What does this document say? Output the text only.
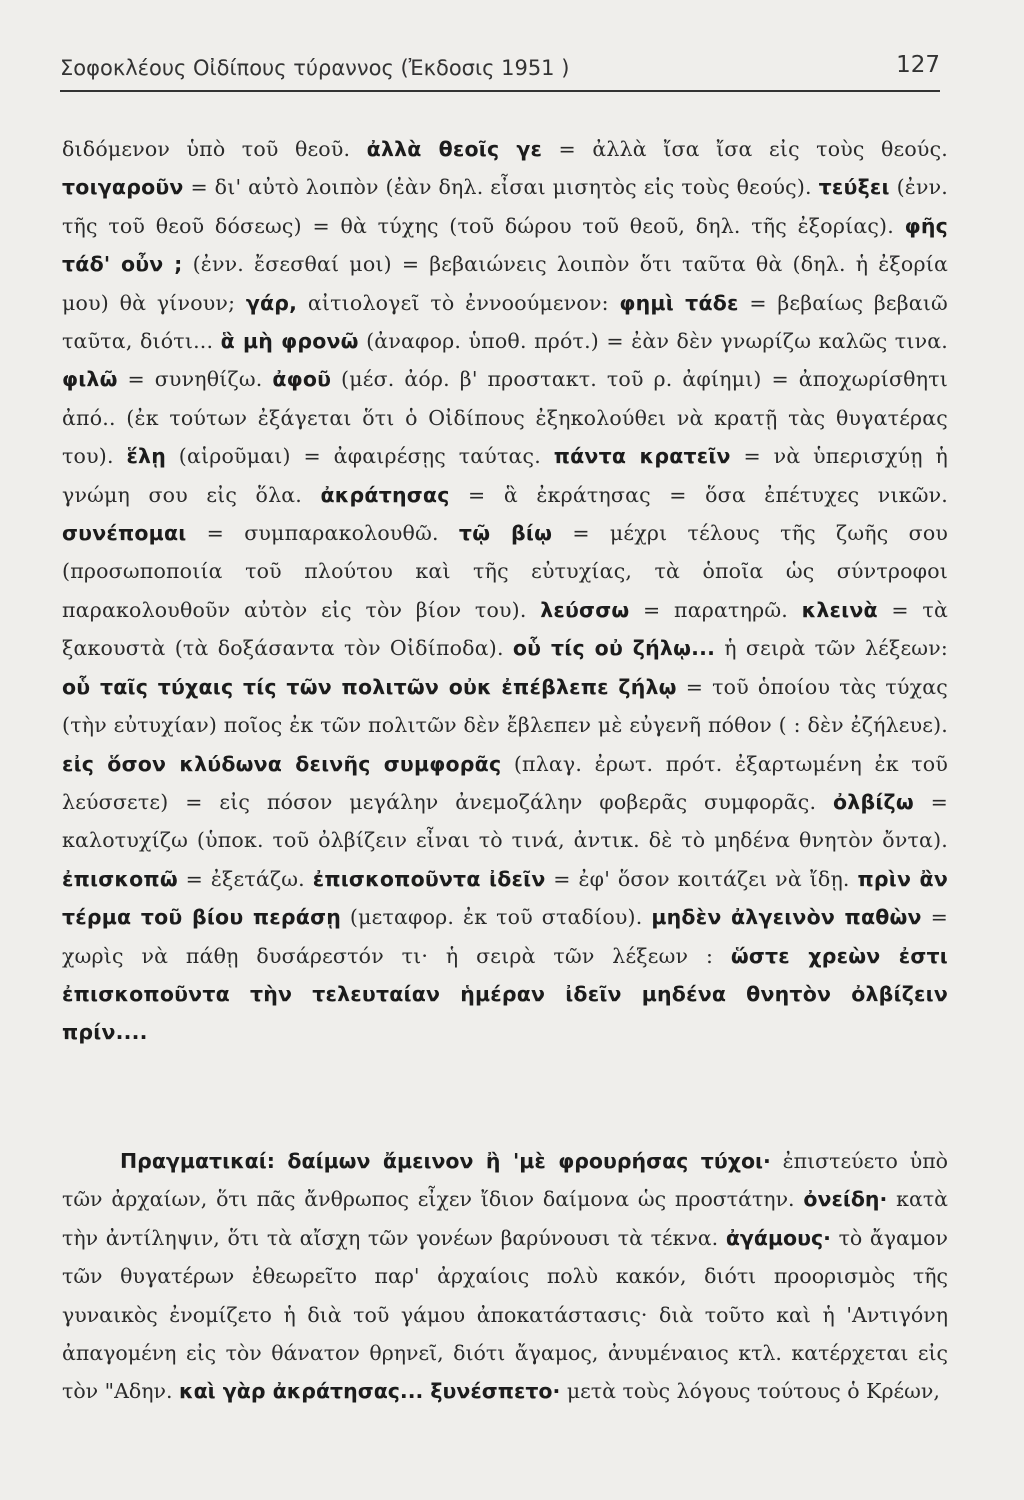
Σοφοκλέους Οἰδίπους τύραννος (Ἐκδοσις 1951 )	127

διδόμενον ὑπὸ τοῦ θεοῦ. ἀλλὰ θεοῖς γε = ἀλλὰ ἴσα ἴσα εἰς τοὺς θεούς. τοιγαροῦν = δι' αὐτὸ λοιπὸν (ἐὰν δηλ. εἶσαι μισητὸς εἰς τοὺς θεούς). τεύξει (ἐνν. τῆς τοῦ θεοῦ δόσεως) = θὰ τύχης (τοῦ δώρου τοῦ θεοῦ, δηλ. τῆς ἐξορίας). φῆς τάδ' οὖν ; (ἐνν. ἔσεσθαί μοι) = βεβαιώνεις λοιπὸν ὅτι ταῦτα θὰ (δηλ. ἡ ἐξορία μου) θὰ γίνουν; γάρ, αἰτιολογεῖ τὸ ἐννοούμενον: φημὶ τάδε = βεβαίως βεβαιῶ ταῦτα, διότι... ἃ μὴ φρονῶ (ἀναφορ. ὑποθ. πρότ.) = ἐὰν δὲν γνωρίζω καλῶς τινα. φιλῶ = συνηθίζω. ἀφοῦ (μέσ. ἀόρ. β' προστακτ. τοῦ ρ. ἀφίημι) = ἀποχωρίσθητι ἀπό.. (ἐκ τούτων ἐξάγεται ὅτι ὁ Οἰδίπους ἐξηκολούθει νὰ κρατῇ τὰς θυγατέρας του). ἕλῃ (αἱροῦμαι) = ἀφαιρέσῃς ταύτας. πάντα κρατεῖν = νὰ ὑπερισχύῃ ἡ γνώμη σου εἰς ὅλα. ἀκράτησας = ἃ ἐκράτησας = ὅσα ἐπέτυχες νικῶν. συνέπομαι = συμπαρακολουθῶ. τῷ βίῳ = μέχρι τέλους τῆς ζωῆς σου (προσωποποιία τοῦ πλούτου καὶ τῆς εὐτυχίας, τὰ ὁποῖα ὡς σύντροφοι παρακολουθοῦν αὐτὸν εἰς τὸν βίον του). λεύσσω = παρατηρῶ. κλεινὰ = τὰ ξακουστὰ (τὰ δοξάσαντα τὸν Οἰδίποδα). οὗ τίς οὐ ζήλῳ... ἡ σειρὰ τῶν λέξεων: οὗ ταῖς τύχαις τίς τῶν πολιτῶν οὐκ ἐπέβλεπε ζήλῳ = τοῦ ὁποίου τὰς τύχας (τὴν εὐτυχίαν) ποῖος ἐκ τῶν πολιτῶν δὲν ἔβλεπεν μὲ εὐγενῆ πόθον ( : δὲν ἐζήλευε). εἰς ὅσον κλύδωνα δεινῆς συμφορᾶς (πλαγ. ἐρωτ. πρότ. ἐξαρτωμένη ἐκ τοῦ λεύσσετε) = εἰς πόσον μεγάλην ἀνεμοζάλην φοβερᾶς συμφορᾶς. ὀλβίζω = καλοτυχίζω (ὑποκ. τοῦ ὀλβίζειν εἶναι τὸ τινά, ἀντικ. δὲ τὸ μηδένα θνητὸν ὄντα). ἐπισκοπῶ = ἐξετάζω. ἐπισκοποῦντα ἰδεῖν = ἐφ' ὅσον κοιτάζει νὰ ἴδῃ. πρὶν ἂν τέρμα τοῦ βίου περάσῃ (μεταφορ. ἐκ τοῦ σταδίου). μηδὲν ἀλγεινὸν παθὼν = χωρὶς νὰ πάθῃ δυσάρεστόν τι· ἡ σειρὰ τῶν λέξεων : ὥστε χρεὼν ἐστι ἐπισκοποῦντα τὴν τελευταίαν ἡμέραν ἰδεῖν μηδένα θνητὸν ὀλβίζειν πρίν....

Πραγματικαί: δαίμων ἄμεινον ἢ 'μὲ φρουρήσας τύχοι· ἐπιστεύετο ὑπὸ τῶν ἀρχαίων, ὅτι πᾶς ἄνθρωπος εἶχεν ἴδιον δαίμονα ὡς προστάτην. ὀνείδη· κατὰ τὴν ἀντίληψιν, ὅτι τὰ αἴσχη τῶν γονέων βαρύνουσι τὰ τέκνα. ἀγάμους· τὸ ἄγαμον τῶν θυγατέρων ἐθεωρεῖτο παρ' ἀρχαίοις πολὺ κακόν, διότι προορισμὸς τῆς γυναικὸς ἐνομίζετο ἡ διὰ τοῦ γάμου ἀποκατάστασις· διὰ τοῦτο καὶ ἡ 'Αντιγόνη ἀπαγομένη εἰς τὸν θάνατον θρηνεῖ, διότι ἄγαμος, ἀνυμέναιος κτλ. κατέρχεται εἰς τὸν "Αδην. καὶ γὰρ ἀκράτησας... ξυνέσπετο· μετὰ τοὺς λόγους τούτους ὁ Κρέων,
